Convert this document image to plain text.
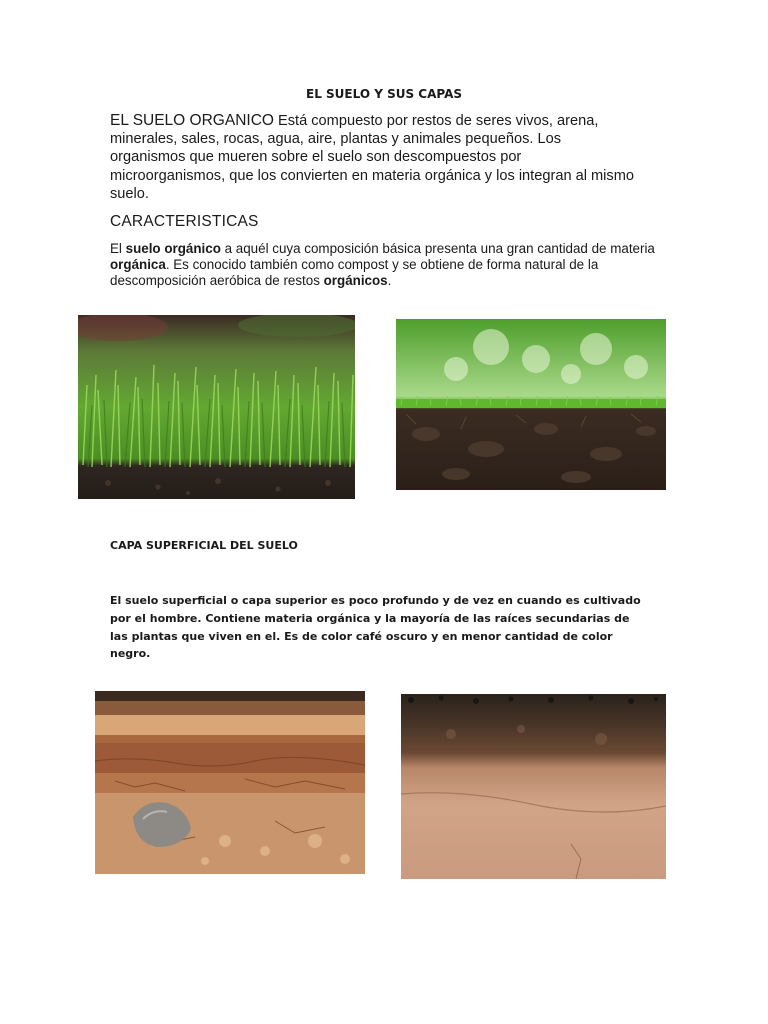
EL SUELO Y SUS CAPAS
EL SUELO ORGANICO Está compuesto por restos de seres vivos, arena, minerales, sales, rocas, agua, aire, plantas y animales pequeños. Los organismos que mueren sobre el suelo son descompuestos por microorganismos, que los convierten en materia orgánica y los integran al mismo suelo.
CARACTERISTICAS
El suelo orgánico a aquél cuya composición básica presenta una gran cantidad de materia orgánica. Es conocido también como compost y se obtiene de forma natural de la descomposición aeróbica de restos orgánicos.
CAPA SUPERFICIAL DEL SUELO
El suelo superficial o capa superior es poco profundo y de vez en cuando es cultivado por el hombre. Contiene materia orgánica y la mayoría de las raíces secundarias de las plantas que viven en el. Es de color café oscuro y en menor cantidad de color negro.
